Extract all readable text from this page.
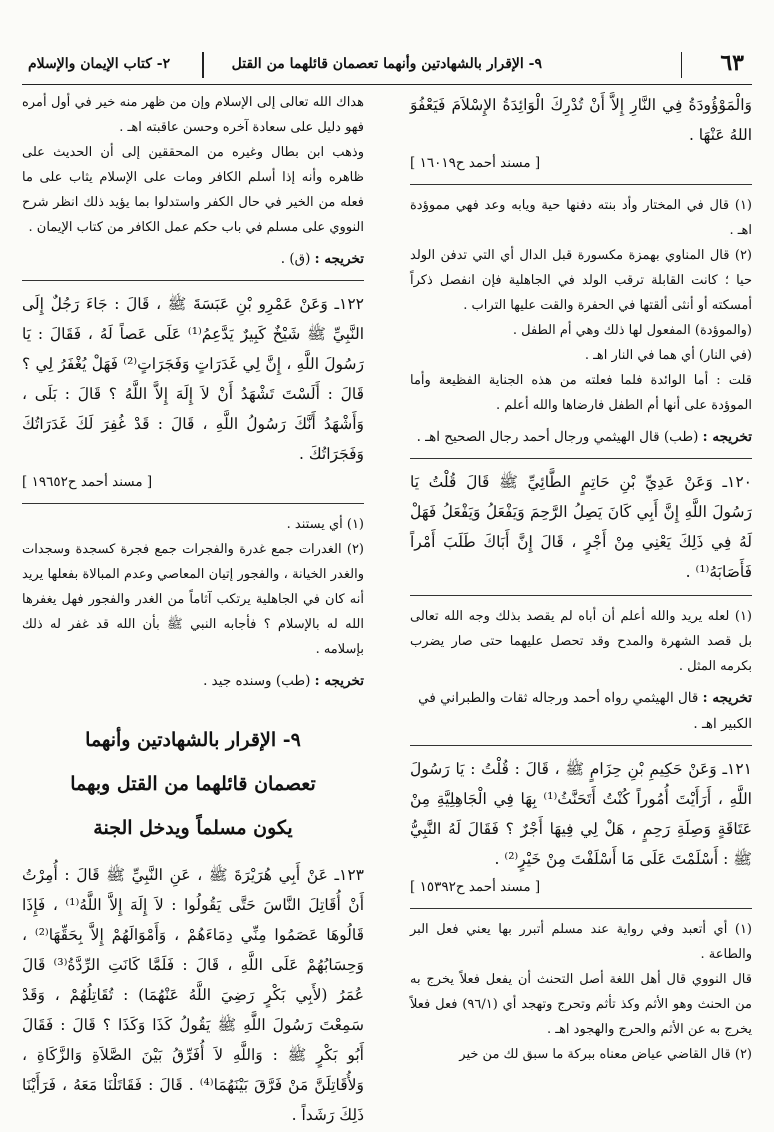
٦٣
٩- الإقرار بالشهادتين وأنهما تعصمان قائلهما من القتل
٢- كتاب الإيمان والإسلام

وَالْمَوْؤُودَةُ فِي النَّارِ إِلاَّ أَنْ تُدْرِكَ الْوَائِدَةُ الإِسْلاَمَ فَيَعْفُوَ اللهُ عَنْهَا .

[ مسند أحمد ح١٦٠١٩ ]

(١) قال في المختار وأد بنته دفنها حية ويابه وعد فهي مموؤدة اهـ .

(٢) قال المناوي بهمزة مكسورة قبل الدال أي التي تدفن الولد حيا ؛ كانت القابلة ترقب الولد في الجاهلية فإن انفصل ذكراً أمسكته أو أنثى ألقتها في الحفرة والقت عليها التراب .

(والموؤدة) المفعول لها ذلك وهي أم الطفل .

(في النار) أي هما في النار اهـ .

قلت : أما الوائدة فلما فعلته من هذه الجناية الفظيعة وأما الموؤدة على أنها أم الطفل فارضاها والله أعلم .

تخريجه : (طب) قال الهيثمي ورجال أحمد رجال الصحيح اهـ .

١٢٠ـ وَعَنْ عَدِيِّ بْنِ حَاتِمٍ الطَّائِيِّ ﷺ قَالَ قُلْتُ يَا رَسُولَ اللَّهِ إِنَّ أَبِي كَانَ يَصِلُ الرَّحِمَ وَيَفْعَلُ وَيَفْعَلُ فَهَلْ لَهُ فِي ذَلِكَ يَعْنِي مِنْ أَجْرٍ ، قَالَ إِنَّ أَبَاكَ طَلَبَ أَمْراً فَأَصَابَهُ⁽¹⁾ .

(١) لعله يريد والله أعلم أن أباه لم يقصد بذلك وجه الله تعالى بل قصد الشهرة والمدح وقد تحصل عليهما حتى صار يضرب بكرمه المثل .

تخريجه : قال الهيثمي رواه أحمد ورجاله ثقات والطبراني في الكبير اهـ .

١٢١ـ وَعَنْ حَكِيمِ بْنِ حِزَامٍ ﷺ ، قَالَ : قُلْتُ : يَا رَسُولَ اللَّهِ ، أَرَأَيْتَ أُمُوراً كُنْتُ أَتَحَنَّثُ⁽¹⁾ بِهَا فِي الْجَاهِلِيَّةِ مِنْ عَتَاقَةٍ وَصِلَةِ رَحِمٍ ، هَلْ لِي فِيهَا أَجْرٌ ؟ فَقَالَ لَهُ النَّبِيُّ ﷺ : أَسْلَمْتَ عَلَى مَا أَسْلَفْتَ مِنْ خَيْرٍ⁽²⁾ .

[ مسند أحمد ح١٥٣٩٢ ]

(١) أي أتعبد وفي رواية عند مسلم أتبرر بها يعني فعل البر والطاعة .

قال النووي قال أهل اللغة أصل التحنث أن يفعل فعلاً يخرج به من الحنث وهو الأثم وكذ تأثم وتحرج وتهجد أي (٩٦/١) فعل فعلاً يخرج به عن الأثم والحرج والهجود اهـ .

(٢) قال القاضي عياض معناه ببركة ما سبق لك من خير

هداك الله تعالى إلى الإسلام وإن من ظهر منه خير في أول أمره فهو دليل على سعادة آخره وحسن عاقبته اهـ .

وذهب ابن بطال وغيره من المحققين إلى أن الحديث على ظاهره وأنه إذا أسلم الكافر ومات على الإسلام يثاب على ما فعله من الخير في حال الكفر واستدلوا بما يؤيد ذلك انظر شرح النووي على مسلم في باب حكم عمل الكافر من كتاب الإيمان .

تخريجه : (ق) .

١٢٢ـ وَعَنْ عَمْرِو بْنِ عَبَسَةَ ﷺ ، قَالَ : جَاءَ رَجُلٌ إِلَى النَّبِيِّ ﷺ شَيْخٌ كَبِيرٌ يَدَّعِمُ⁽¹⁾ عَلَى عَصاً لَهُ ، فَقَالَ : يَا رَسُولَ اللَّهِ ، إِنَّ لِي غَدَرَاتٍ وَفَجَرَاتٍ⁽²⁾ فَهَلْ يُغْفَرُ لِي ؟ قَالَ : أَلَسْتَ تَشْهَدُ أَنْ لاَ إِلَهَ إِلاَّ اللَّهُ ؟ قَالَ : بَلَى ، وَأَشْهَدُ أَنَّكَ رَسُولُ اللَّهِ ، قَالَ : قَدْ غُفِرَ لَكَ غَدَرَاتُكَ وَفَجَرَاتُكَ .

[ مسند أحمد ح١٩٦٥٢ ]

(١) أي يستند .

(٢) الغدرات جمع غدرة والفجرات جمع فجرة كسجدة وسجدات والغدر الخيانة ، والفجور إتيان المعاصي وعدم المبالاة بفعلها يريد أنه كان في الجاهلية يرتكب آثاماً من الغدر والفجور فهل يغفرها الله له بالإسلام ؟ فأجابه النبي ﷺ بأن الله قد غفر له ذلك بإسلامه .

تخريجه : (طب) وسنده جيد .

٩- الإقرار بالشهادتين وأنهما
تعصمان قائلهما من القتل وبهما
يكون مسلماً ويدخل الجنة

١٢٣ـ عَنْ أَبِي هُرَيْرَةَ ﷺ ، عَنِ النَّبِيِّ ﷺ قَالَ : أُمِرْتُ أَنْ أُقَاتِلَ النَّاسَ حَتَّى يَقُولُوا : لاَ إِلَهَ إِلاَّ اللَّهُ⁽¹⁾ ، فَإِذَا قَالُوهَا عَصَمُوا مِنِّي دِمَاءَهُمْ ، وَأَمْوَالَهُمْ إِلاَّ بِحَقِّهَا⁽²⁾ ، وَحِسَابُهُمْ عَلَى اللَّهِ ، قَالَ : فَلَمَّا كَانَتِ الرِّدَّةُ⁽³⁾ قَالَ عُمَرُ (لأَبِي بَكْرٍ رَضِيَ اللَّهُ عَنْهُمَا) : تُقَاتِلُهُمْ ، وَقَدْ سَمِعْتَ رَسُولَ اللَّهِ ﷺ يَقُولُ كَذَا وَكَذَا ؟ قَالَ : فَقَالَ أَبُو بَكْرٍ ﷺ : وَاللَّهِ لاَ أُفَرِّقُ بَيْنَ الصَّلاَةِ وَالزَّكَاةِ ، وَلأُقَاتِلَنَّ مَنْ فَرَّقَ بَيْنَهُمَا⁽⁴⁾ . قَالَ : فَقَاتَلْنَا مَعَهُ ، فَرَأَيْنَا ذَلِكَ رَشَداً .
